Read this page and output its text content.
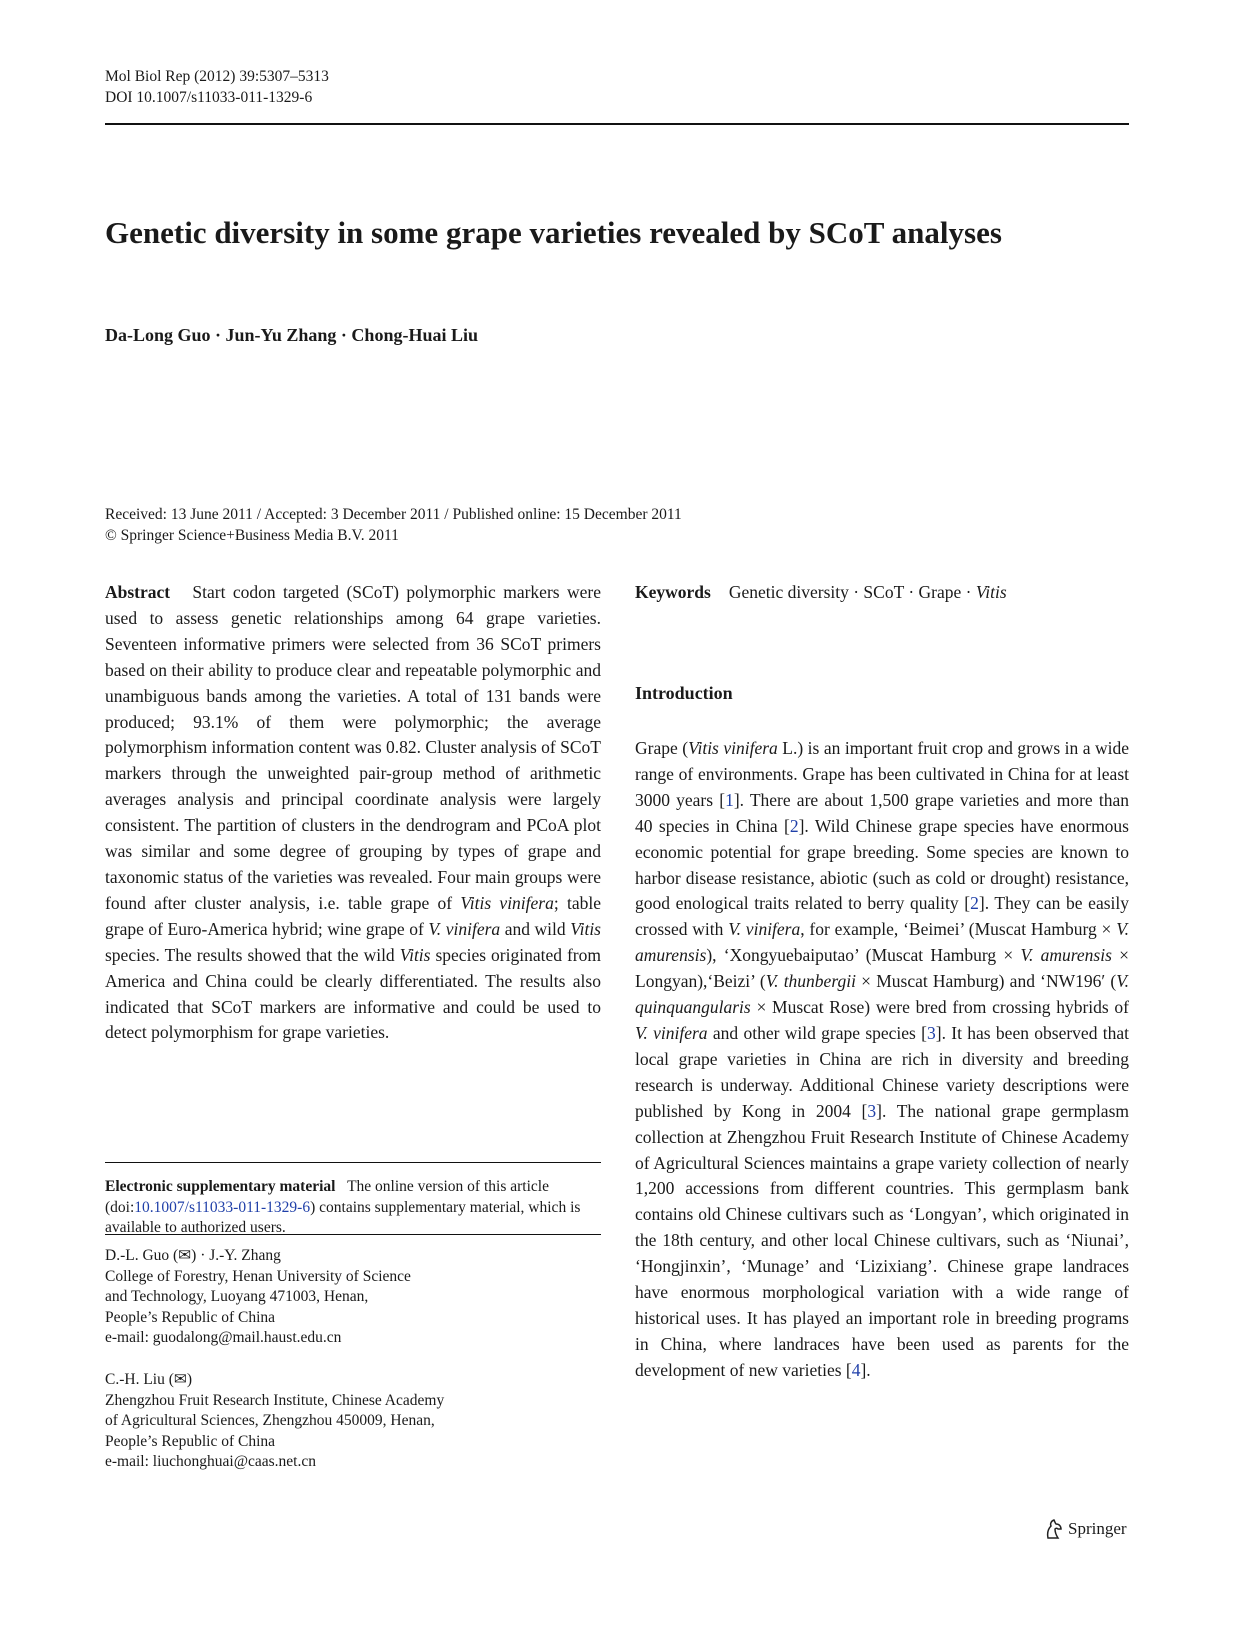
Mol Biol Rep (2012) 39:5307–5313
DOI 10.1007/s11033-011-1329-6
Genetic diversity in some grape varieties revealed by SCoT analyses
Da-Long Guo · Jun-Yu Zhang · Chong-Huai Liu
Received: 13 June 2011 / Accepted: 3 December 2011 / Published online: 15 December 2011
© Springer Science+Business Media B.V. 2011

Abstract Start codon targeted (SCoT) polymorphic markers were used to assess genetic relationships among 64 grape varieties. Seventeen informative primers were selected from 36 SCoT primers based on their ability to produce clear and repeatable polymorphic and unambiguous bands among the varieties. A total of 131 bands were produced; 93.1% of them were polymorphic; the average polymorphism information content was 0.82. Cluster analysis of SCoT markers through the unweighted pair-group method of arithmetic averages analysis and principal coordinate analysis were largely consistent. The partition of clusters in the dendrogram and PCoA plot was similar and some degree of grouping by types of grape and taxonomic status of the varieties was revealed. Four main groups were found after cluster analysis, i.e. table grape of Vitis vinifera; table grape of Euro-America hybrid; wine grape of V. vinifera and wild Vitis species. The results showed that the wild Vitis species originated from America and China could be clearly differentiated. The results also indicated that SCoT markers are informative and could be used to detect polymorphism for grape varieties.

Keywords Genetic diversity · SCoT · Grape · Vitis

Introduction

Grape (Vitis vinifera L.) is an important fruit crop and grows in a wide range of environments. Grape has been cultivated in China for at least 3000 years [1]. There are about 1,500 grape varieties and more than 40 species in China [2]. Wild Chinese grape species have enormous economic potential for grape breeding. Some species are known to harbor disease resistance, abiotic (such as cold or drought) resistance, good enological traits related to berry quality [2]. They can be easily crossed with V. vinifera, for example, ‘Beimei’ (Muscat Hamburg × V. amurensis), ‘Xongyuebaiputao’ (Muscat Hamburg × V. amurensis × Longyan),‘Beizi’ (V. thunbergii × Muscat Hamburg) and ‘NW196′ (V. quinquangularis × Muscat Rose) were bred from crossing hybrids of V. vinifera and other wild grape species [3]. It has been observed that local grape varieties in China are rich in diversity and breeding research is underway. Additional Chinese variety descriptions were published by Kong in 2004 [3]. The national grape germplasm collection at Zhengzhou Fruit Research Institute of Chinese Academy of Agricultural Sciences maintains a grape variety collection of nearly 1,200 accessions from different countries. This germplasm bank contains old Chinese cultivars such as ‘Longyan’, which originated in the 18th century, and other local Chinese cultivars, such as ‘Niunai’, ‘Hongjinxin’, ‘Munage’ and ‘Lizixiang’. Chinese grape landraces have enormous morphological variation with a wide range of historical uses. It has played an important role in breeding programs in China, where landraces have been used as parents for the development of new varieties [4].

Electronic supplementary material The online version of this article (doi:10.1007/s11033-011-1329-6) contains supplementary material, which is available to authorized users.

D.-L. Guo (✉) · J.-Y. Zhang
College of Forestry, Henan University of Science
and Technology, Luoyang 471003, Henan,
People’s Republic of China
e-mail: guodalong@mail.haust.edu.cn
C.-H. Liu (✉)
Zhengzhou Fruit Research Institute, Chinese Academy
of Agricultural Sciences, Zhengzhou 450009, Henan,
People’s Republic of China
e-mail: liuchonghuai@caas.net.cn
Springer
